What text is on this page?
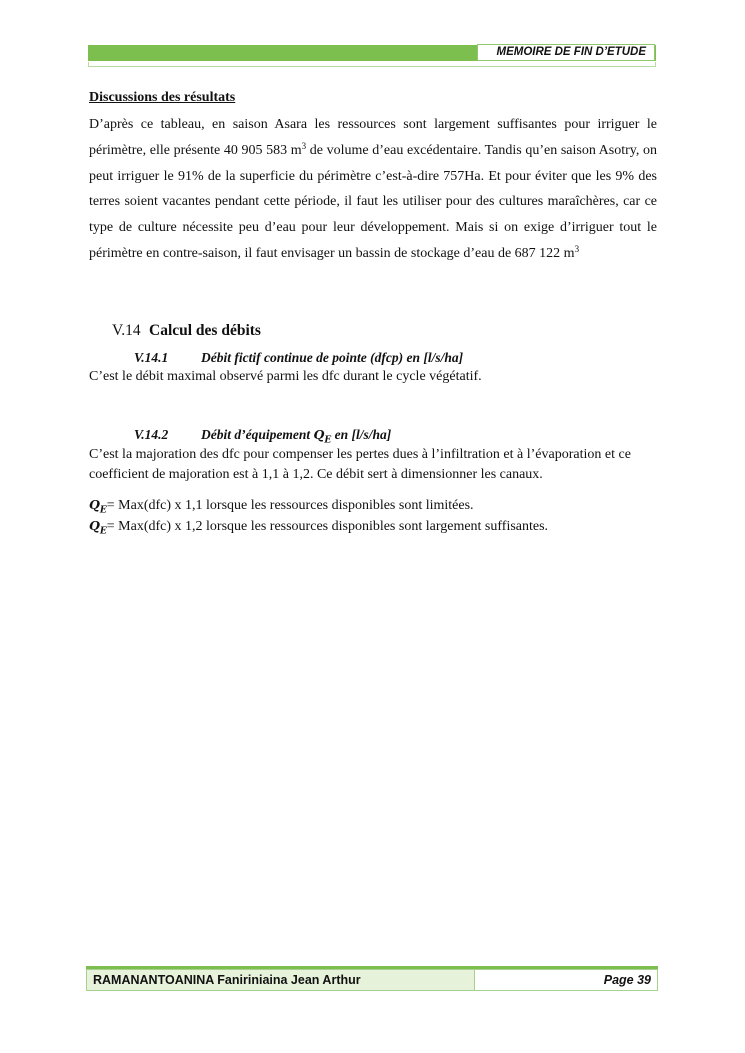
MEMOIRE DE FIN D’ETUDE
Discussions des résultats

D’après ce tableau, en saison Asara les ressources sont largement suffisantes pour irriguer le périmètre, elle présente 40 905 583 $m^3$ de volume d’eau excédentaire. Tandis qu’en saison Asotry, on peut irriguer le 91% de la superficie du périmètre c’est-à-dire 757Ha. Et pour éviter que les 9% des terres soient vacantes pendant cette période, il faut les utiliser pour des cultures maraîchères, car ce type de culture nécessite peu d’eau pour leur développement. Mais si on exige d’irriguer tout le périmètre en contre-saison, il faut envisager un bassin de stockage d’eau de 687 122 $m^3$

V.14 Calcul des débits
V.14.1 Débit fictif continue de pointe (dfcp) en [l/s/ha]
C’est le débit maximal observé parmi les dfc durant le cycle végétatif.
V.14.2 Débit d’équipement $Q_E$ en [l/s/ha]

C’est la majoration des dfc pour compenser les pertes dues à l’infiltration et à l’évaporation et ce coefficient de majoration est à 1,1 à 1,2. Ce débit sert à dimensionner les canaux.

$Q_E= Max(dfc)$ x 1,1 lorsque les ressources disponibles sont limitées.
$Q_E= Max(dfc)$ x 1,2 lorsque les ressources disponibles sont largement suffisantes.
RAMANANTOANINA Faniriniaina Jean Arthur	Page 39
